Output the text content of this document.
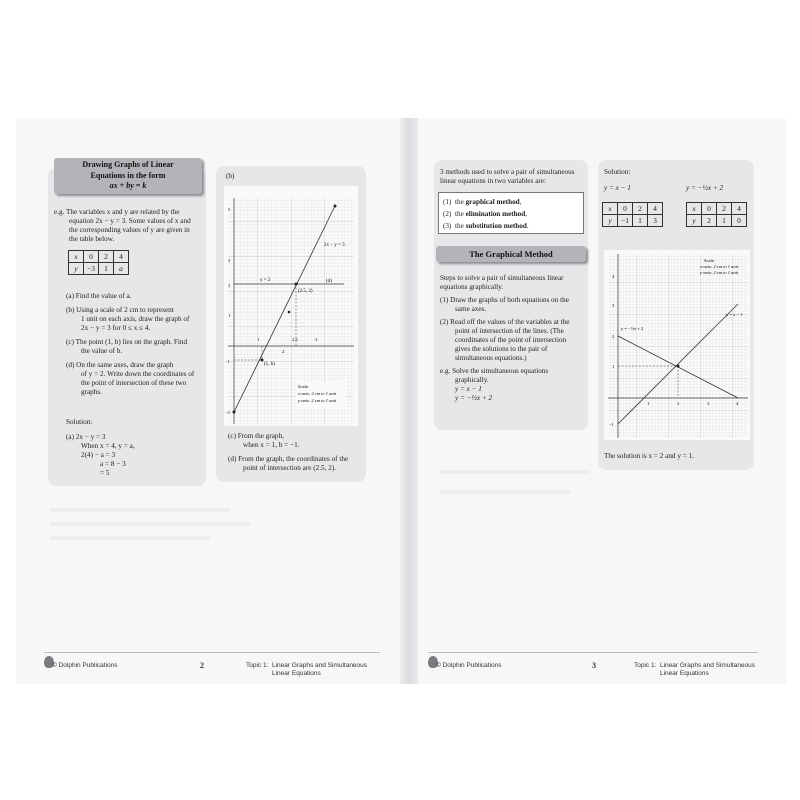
Drawing Graphs of Linear
Equations in the form
ax + by = k
e.g. The variables x and y are related by the
equation 2x − y = 3. Some values of x and
the corresponding values of y are given in
the table below.
x	0	2	4
y	−3	1	a
(a) Find the value of a.
(b) Using a scale of 2 cm to represent
1 unit on each axis, draw the graph of
2x − y = 3 for 0 ≤ x ≤ 4.
(c) The point (1, b) lies on the graph. Find
the value of b.
(d) On the same axes, draw the graph
of y = 2. Write down the coordinates of
the point of intersection of these two
graphs.
Solution:
(a) 2x − y = 3
When x = 4, y = a,
2(4) − a = 3
a = 8 − 3
= 5
(b)
2x − y = 3
y = 2
(2.5, 2)
(d)
(1, b)
5
3
2
1
−1
−3
1
2
2.5	3
Scale:
x-axis: 2 cm to 1 unit
y-axis: 2 cm to 1 unit
(c) From the graph,
when x = 1, b = −1.
(d) From the graph, the coordinates of the
point of intersection are (2.5, 2).
© Dolphin Publications	2	Topic 1: Linear Graphs and Simultaneous
Linear Equations
3 methods used to solve a pair of simultaneous
linear equations in two variables are:
(1) the graphical method,
(2) the elimination method,
(3) the substitution method.
The Graphical Method
Steps to solve a pair of simultaneous linear
equations graphically.
(1) Draw the graphs of both equations on the
same axes.
(2) Read off the values of the variables at the
point of intersection of the lines. (The
coordinates of the point of intersection
gives the solutions to the pair of
simultaneous equations.)
e.g. Solve the simultaneous equations
graphically.
y = x − 1
y = −½x + 2
Solution:
y = x − 1	y = −½x + 2
x	0	2	4
y	−1	1	3
x	0	2	4
y	2	1	0
Scale:
x-axis: 2 cm to 1 unit
y-axis: 2 cm to 1 unit
y = x − 1
y = −½x + 2
4
3
2
1
−1
1	2	3	4
The solution is x = 2 and y = 1.
© Dolphin Publications	3	Topic 1: Linear Graphs and Simultaneous
Linear Equations
